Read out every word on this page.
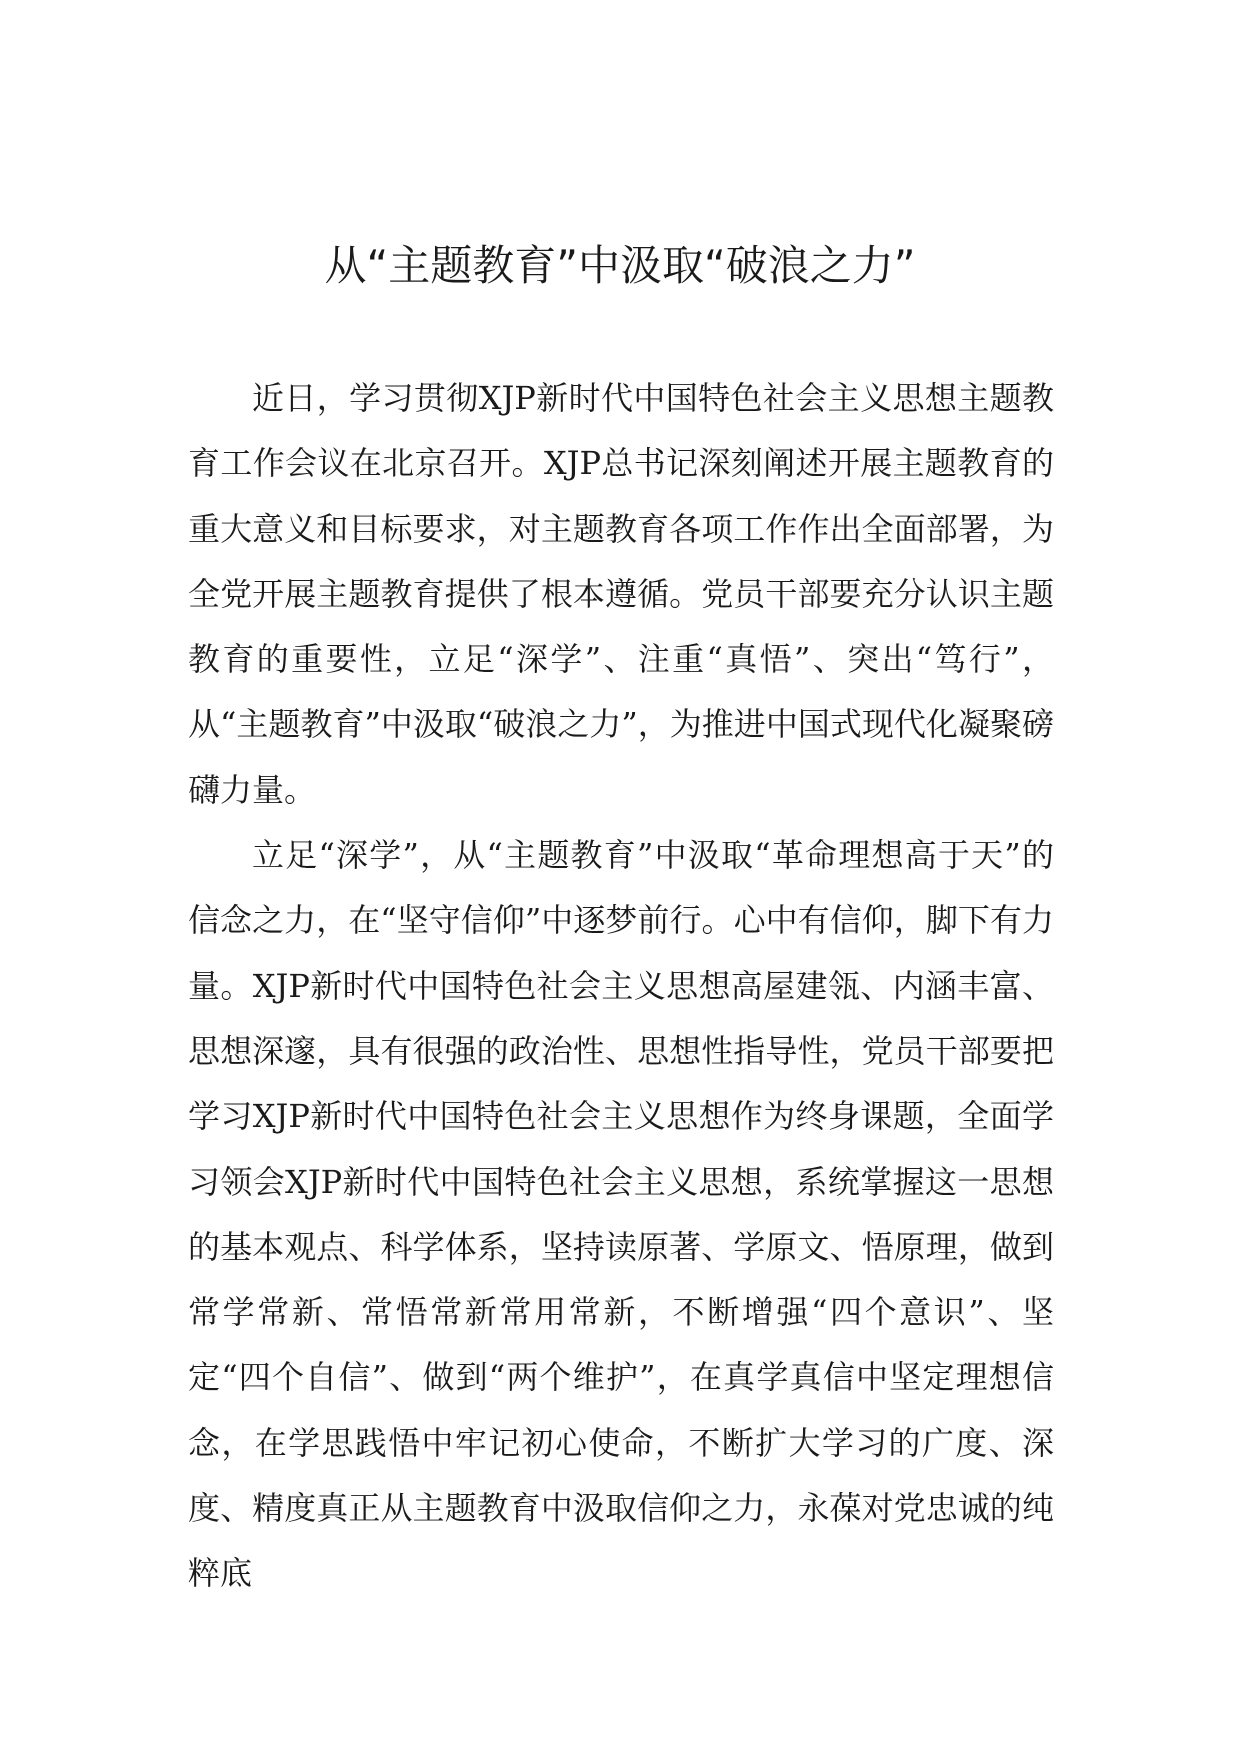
从“主题教育”中汲取“破浪之力”

近日，学习贯彻XJP新时代中国特色社会主义思想主题教育工作会议在北京召开。XJP总书记深刻阐述开展主题教育的重大意义和目标要求，对主题教育各项工作作出全面部署，为全党开展主题教育提供了根本遵循。党员干部要充分认识主题教育的重要性，立足“深学”、注重“真悟”、突出“笃行”，从“主题教育”中汲取“破浪之力”，为推进中国式现代化凝聚磅礴力量。

立足“深学”，从“主题教育”中汲取“革命理想高于天”的信念之力，在“坚守信仰”中逐梦前行。心中有信仰，脚下有力量。XJP新时代中国特色社会主义思想高屋建瓴、内涵丰富、思想深邃，具有很强的政治性、思想性指导性，党员干部要把学习XJP新时代中国特色社会主义思想作为终身课题，全面学习领会XJP新时代中国特色社会主义思想，系统掌握这一思想的基本观点、科学体系，坚持读原著、学原文、悟原理，做到常学常新、常悟常新常用常新，不断增强“四个意识”、坚定“四个自信”、做到“两个维护”，在真学真信中坚定理想信念，在学思践悟中牢记初心使命，不断扩大学习的广度、深度、精度真正从主题教育中汲取信仰之力，永葆对党忠诚的纯粹底
